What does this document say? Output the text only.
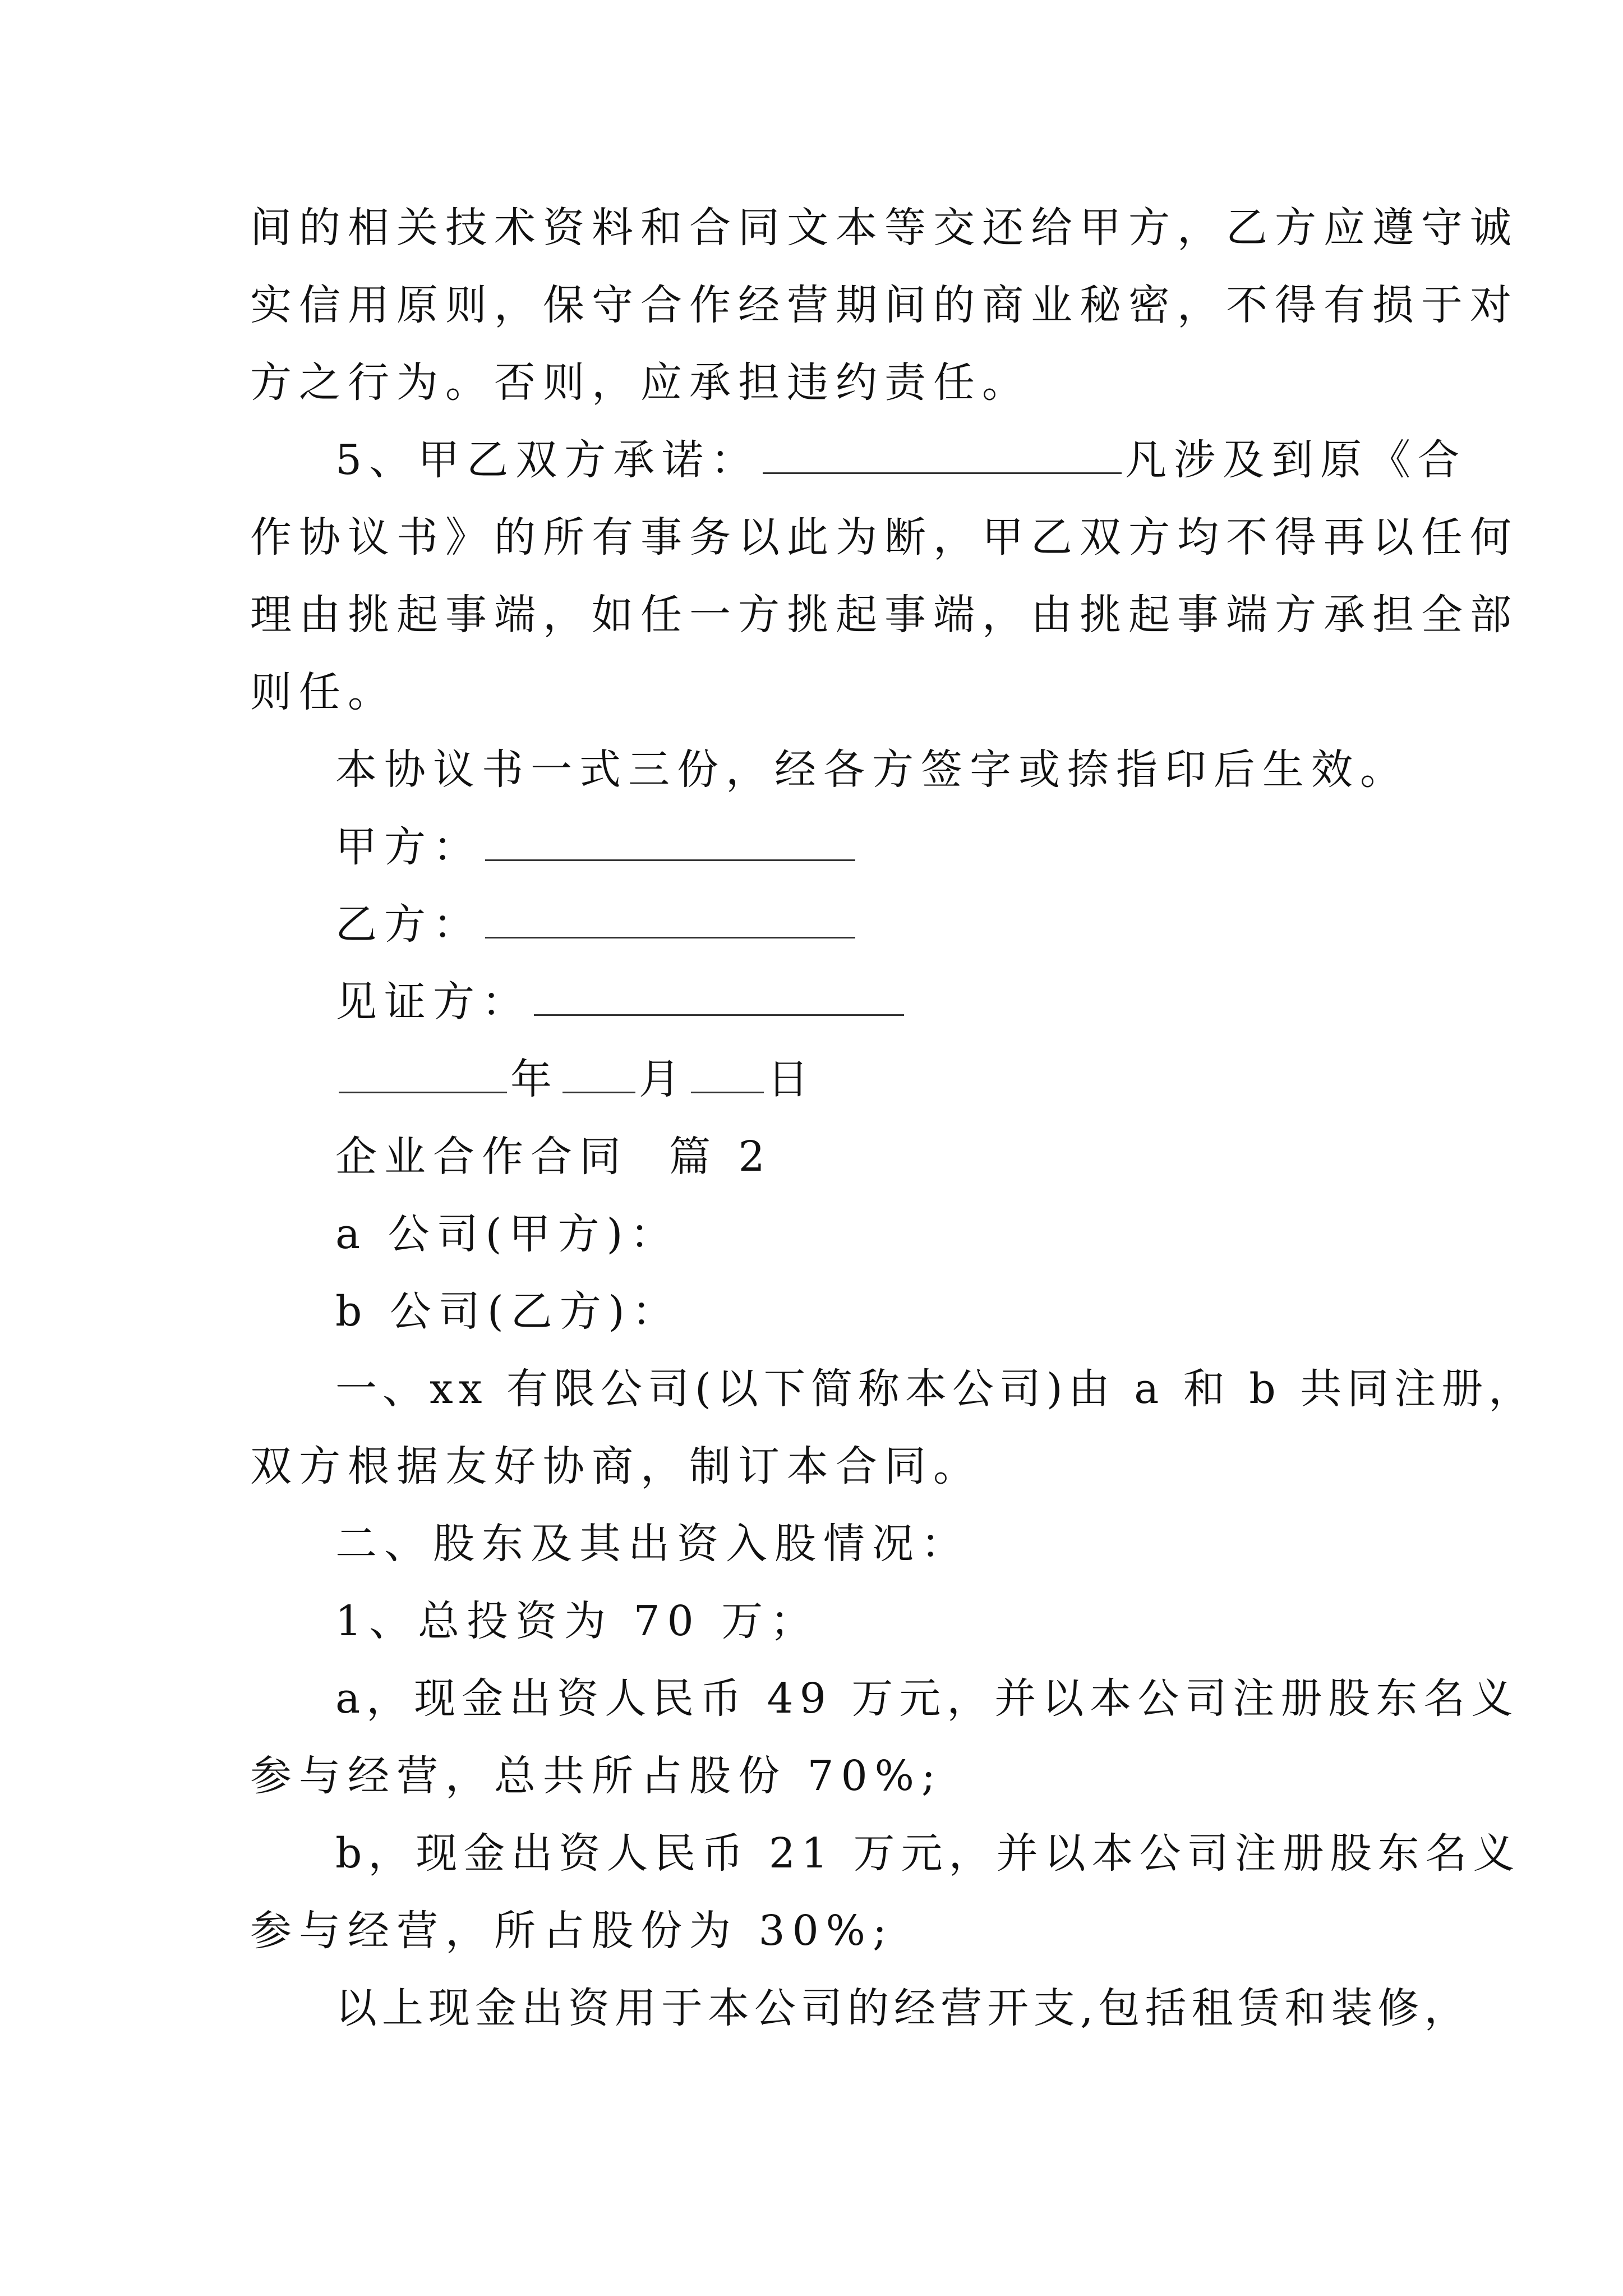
间的相关技术资料和合同文本等交还给甲方，乙方应遵守诚
实信用原则，保守合作经营期间的商业秘密，不得有损于对
方之行为。否则，应承担违约责任。
5、甲乙双方承诺：	凡涉及到原《合
作协议书》的所有事务以此为断，甲乙双方均不得再以任何
理由挑起事端，如任一方挑起事端，由挑起事端方承担全部
则任。
本协议书一式三份，经各方签字或捺指印后生效。
甲方：
乙方：
见证方：
年 月 日
企业合作合同  篇 2
a 公司(甲方)：
b 公司(乙方)：
一、xx 有限公司(以下简称本公司)由 a 和 b 共同注册，
双方根据友好协商，制订本合同。
二、股东及其出资入股情况：
1、总投资为 70 万；
a，现金出资人民币 49 万元，并以本公司注册股东名义
参与经营，总共所占股份 70%;
b，现金出资人民币 21 万元，并以本公司注册股东名义
参与经营，所占股份为 30%;
以上现金出资用于本公司的经营开支,包括租赁和装修，
